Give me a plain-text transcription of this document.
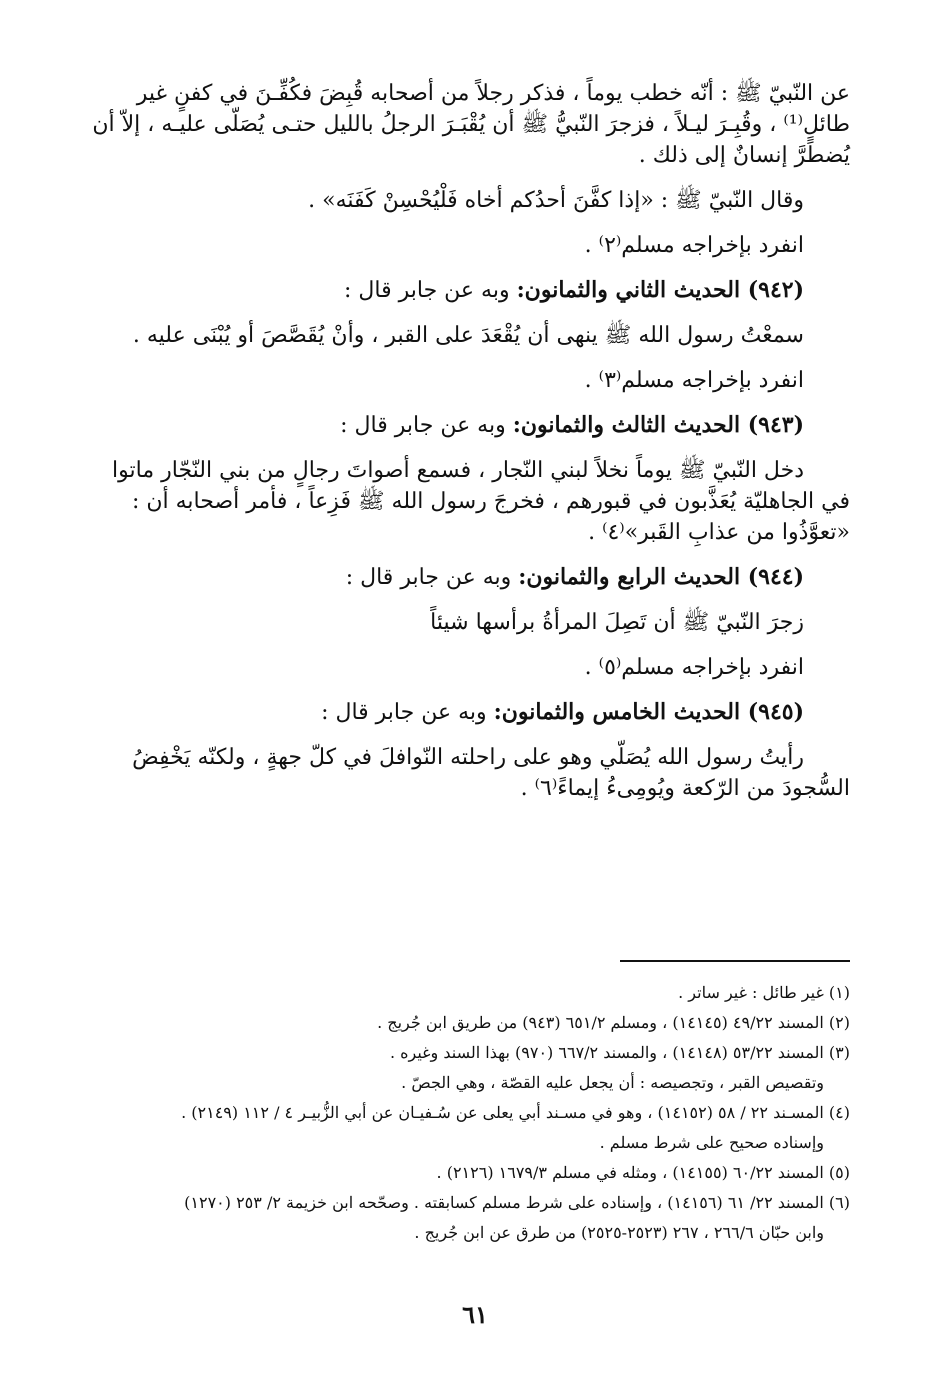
عن النّبيّ ﷺ : أنّه خطب يوماً ، فذكر رجلاً من أصحابه قُبِضَ فكُفِّـنَ في كفنٍ غير طائلٍ⁽¹⁾ ، وقُبِـرَ ليـلاً ، فزجرَ النّبيُّ ﷺ أن يُقْبَـرَ الرجلُ بالليل حتـى يُصَلّى عليـه ، إلاّ أن يُضطَرَّ إنسانٌ إلى ذلك .

وقال النّبيّ ﷺ : «إذا كفَّنَ أحدُكم أخاه فَلْيُحْسِنْ كَفَنَه» .

انفرد بإخراجه مسلم⁽٢⁾ .

(٩٤٢) الحديث الثاني والثمانون: وبه عن جابر قال :

سمعْتُ رسول الله ﷺ ينهى أن يُقْعَدَ على القبر ، وأنْ يُقَصَّصَ أو يُبْنَى عليه .

انفرد بإخراجه مسلم⁽٣⁾ .

(٩٤٣) الحديث الثالث والثمانون: وبه عن جابر قال :

دخل النّبيّ ﷺ يوماً نخلاً لبني النّجار ، فسمع أصواتَ رجالٍ من بني النّجّار ماتوا في الجاهليّة يُعَذَّبون في قبورهم ، فخرجَ رسول الله ﷺ فَزِعاً ، فأمر أصحابه أن : «تعوَّذُوا من عذابِ القَبر»⁽٤⁾ .

(٩٤٤) الحديث الرابع والثمانون: وبه عن جابر قال :

زجرَ النّبيّ ﷺ أن تَصِلَ المرأةُ برأسها شيئاً

انفرد بإخراجه مسلم⁽٥⁾ .

(٩٤٥) الحديث الخامس والثمانون: وبه عن جابر قال :

رأيتُ رسول الله يُصَلّي وهو على راحلته النّوافلَ في كلّ جهةٍ ، ولكنّه يَخْفِضُ السُّجودَ من الرّكعة ويُومِىءُ إيماءً⁽٦⁾ .

(١) غير طائل : غير ساتر .

(٢) المسند ٤٩/٢٢ (١٤١٤٥) ، ومسلم ٦٥١/٢ (٩٤٣) من طريق ابن جُريج .

(٣) المسند ٥٣/٢٢ (١٤١٤٨) ، والمسند ٦٦٧/٢ (٩٧٠) بهذا السند وغيره .

وتقصيص القبر ، وتجصيصه : أن يجعل عليه القصّة ، وهي الجصّ .

(٤) المسـند ٢٢ / ٥٨ (١٤١٥٢) ، وهو في مسـند أبي يعلى عن سُـفيـان عن أبي الزُّبيـر ٤ / ١١٢ (٢١٤٩) .

وإسناده صحيح على شرط مسلم .

(٥) المسند ٦٠/٢٢ (١٤١٥٥) ، ومثله في مسلم ١٦٧٩/٣ (٢١٢٦) .

(٦) المسند ٢٢/ ٦١ (١٤١٥٦) ، وإسناده على شرط مسلم كسابقته . وصحّحه ابن خزيمة ٢/ ٢٥٣ (١٢٧٠)

وابن حبّان ٢٦٦/٦ ، ٢٦٧ (٢٥٢٣-٢٥٢٥) من طرق عن ابن جُريج .

٦١
